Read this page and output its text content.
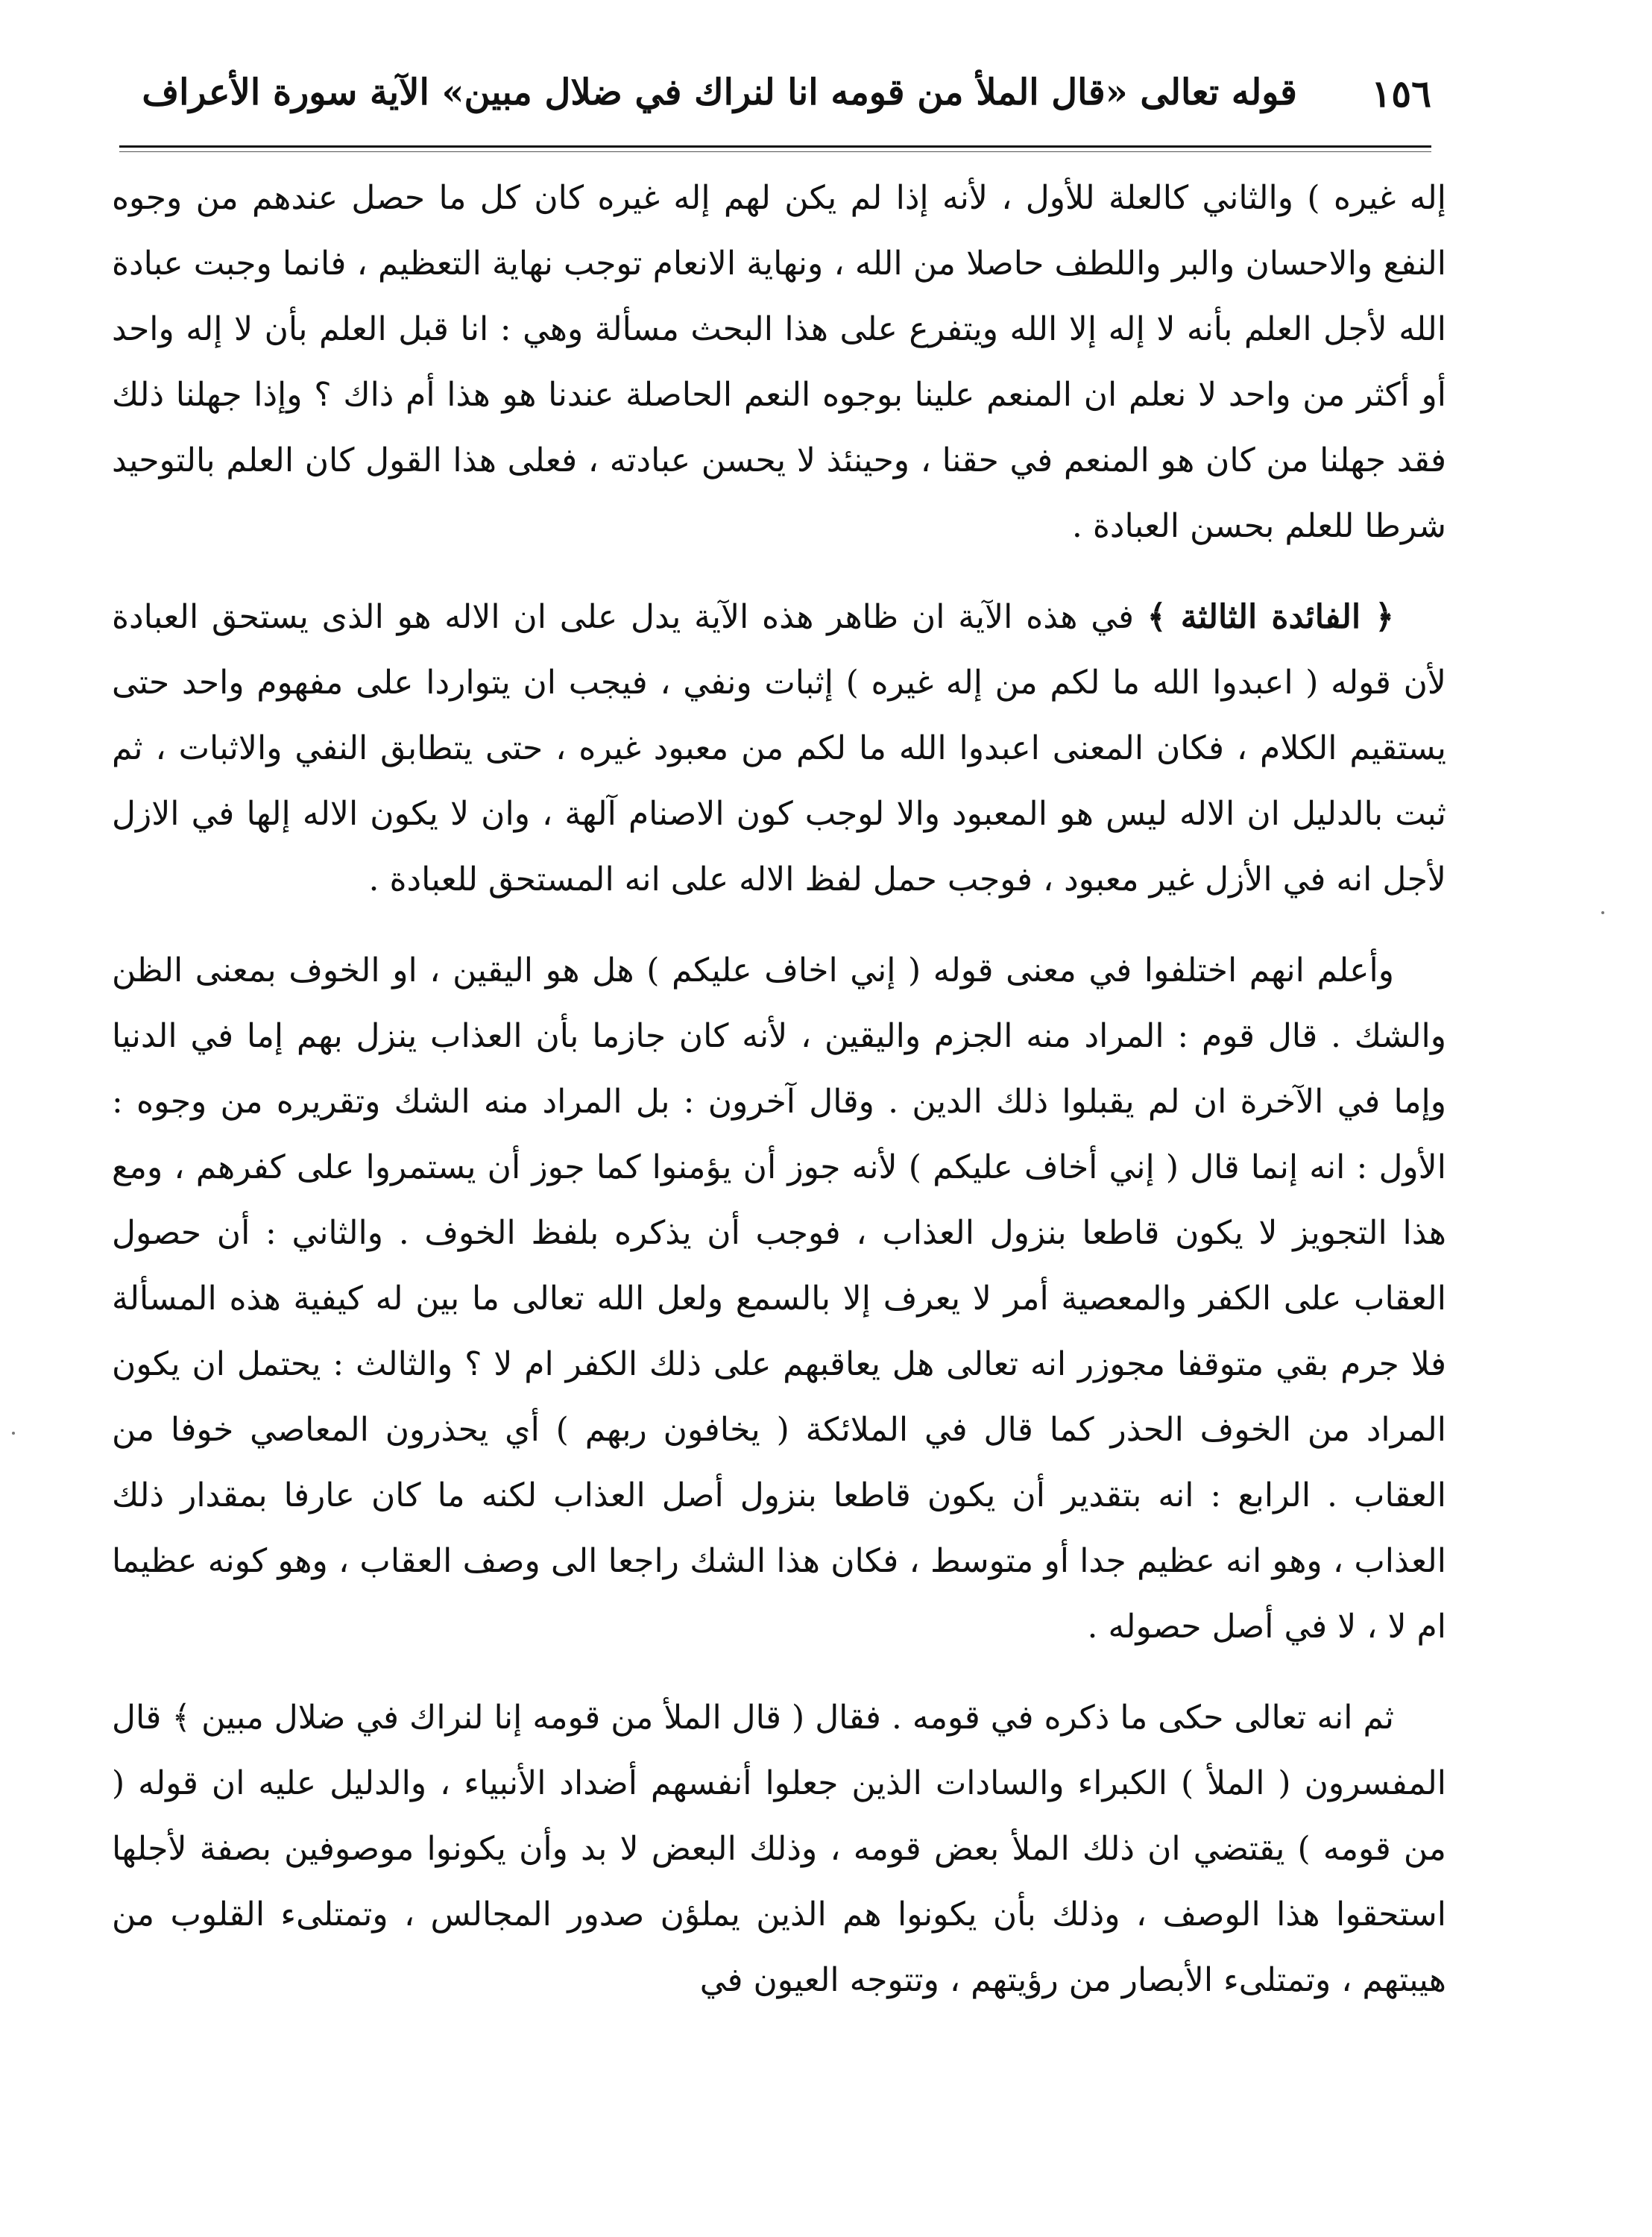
١٥٦
قوله تعالى «قال الملأ من قومه انا لنراك في ضلال مبين» الآية سورة الأعراف

إله غيره ) والثاني كالعلة للأول ، لأنه إذا لم يكن لهم إله غيره كان كل ما حصل عندهم من وجوه النفع والاحسان والبر واللطف حاصلا من الله ، ونهاية الانعام توجب نهاية التعظيم ، فانما وجبت عبادة الله لأجل العلم بأنه لا إله إلا الله ويتفرع على هذا البحث مسألة وهي : انا قبل العلم بأن لا إله واحد أو أكثر من واحد لا نعلم ان المنعم علينا بوجوه النعم الحاصلة عندنا هو هذا أم ذاك ؟ وإذا جهلنا ذلك فقد جهلنا من كان هو المنعم في حقنا ، وحينئذ لا يحسن عبادته ، فعلى هذا القول كان العلم بالتوحيد شرطا للعلم بحسن العبادة .

﴿ الفائدة الثالثة ﴾ في هذه الآية ان ظاهر هذه الآية يدل على ان الاله هو الذى يستحق العبادة لأن قوله ( اعبدوا الله ما لكم من إله غيره ) إثبات ونفي ، فيجب ان يتواردا على مفهوم واحد حتى يستقيم الكلام ، فكان المعنى اعبدوا الله ما لكم من معبود غيره ، حتى يتطابق النفي والاثبات ، ثم ثبت بالدليل ان الاله ليس هو المعبود والا لوجب كون الاصنام آلهة ، وان لا يكون الاله إلها في الازل لأجل انه في الأزل غير معبود ، فوجب حمل لفظ الاله على انه المستحق للعبادة .

وأعلم انهم اختلفوا في معنى قوله ( إني اخاف عليكم ) هل هو اليقين ، او الخوف بمعنى الظن والشك . قال قوم : المراد منه الجزم واليقين ، لأنه كان جازما بأن العذاب ينزل بهم إما في الدنيا وإما في الآخرة ان لم يقبلوا ذلك الدين . وقال آخرون : بل المراد منه الشك وتقريره من وجوه : الأول : انه إنما قال ( إني أخاف عليكم ) لأنه جوز أن يؤمنوا كما جوز أن يستمروا على كفرهم ، ومع هذا التجويز لا يكون قاطعا بنزول العذاب ، فوجب أن يذكره بلفظ الخوف . والثاني : أن حصول العقاب على الكفر والمعصية أمر لا يعرف إلا بالسمع ولعل الله تعالى ما بين له كيفية هذه المسألة فلا جرم بقي متوقفا مجوزر انه تعالى هل يعاقبهم على ذلك الكفر ام لا ؟ والثالث : يحتمل ان يكون المراد من الخوف الحذر كما قال في الملائكة ( يخافون ربهم ) أي يحذرون المعاصي خوفا من العقاب . الرابع : انه بتقدير أن يكون قاطعا بنزول أصل العذاب لكنه ما كان عارفا بمقدار ذلك العذاب ، وهو انه عظيم جدا أو متوسط ، فكان هذا الشك راجعا الى وصف العقاب ، وهو كونه عظيما ام لا ، لا في أصل حصوله .

ثم انه تعالى حكى ما ذكره في قومه . فقال ( قال الملأ من قومه إنا لنراك في ضلال مبين ﴾ قال المفسرون ( الملأ ) الكبراء والسادات الذين جعلوا أنفسهم أضداد الأنبياء ، والدليل عليه ان قوله ( من قومه ) يقتضي ان ذلك الملأ بعض قومه ، وذلك البعض لا بد وأن يكونوا موصوفين بصفة لأجلها استحقوا هذا الوصف ، وذلك بأن يكونوا هم الذين يملؤن صدور المجالس ، وتمتلىء القلوب من هيبتهم ، وتمتلىء الأبصار من رؤيتهم ، وتتوجه العيون في
